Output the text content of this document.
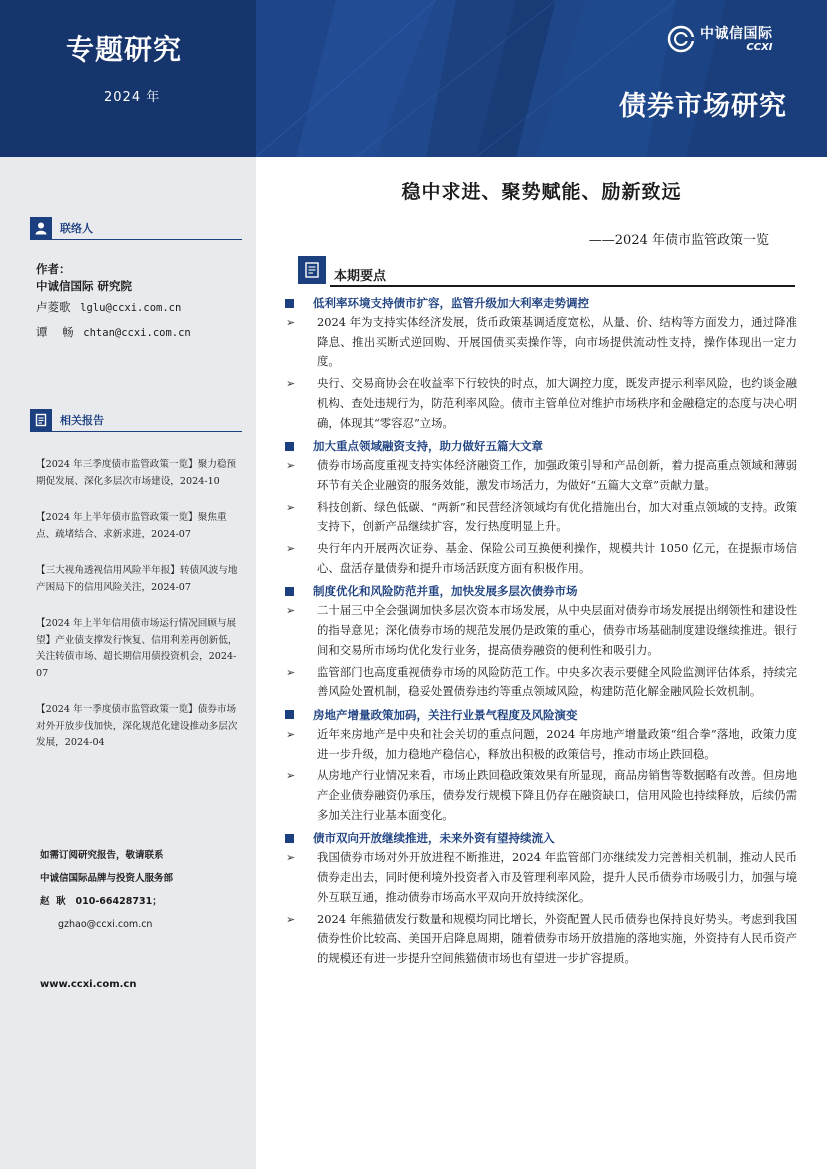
专题研究
2024 年
中诚信国际
CCXI
债券市场研究
联络人
作者：
中诚信国际 研究院
卢菱歌 lglu@ccxi.com.cn
谭    畅 chtan@ccxi.com.cn
相关报告
【2024 年三季度债市监管政策一览】聚力稳预期促发展、深化多层次市场建设，2024-10
【2024 年上半年债市监管政策一览】聚焦重点、疏堵结合、求新求进，2024-07
【三大视角透视信用风险半年报】转债风波与地产困局下的信用风险关注，2024-07
【2024 年上半年信用债市场运行情况回顾与展望】产业债支撑发行恢复、信用利差再创新低，关注转债市场、超长期信用债投资机会，2024-07
【2024 年一季度债市监管政策一览】债券市场对外开放步伐加快，深化规范化建设推动多层次发展，2024-04
如需订阅研究报告，敬请联系
中诚信国际品牌与投资人服务部
赵  耿   010-66428731；
gzhao@ccxi.com.cn
www.ccxi.com.cn
稳中求进、聚势赋能、励新致远
——2024 年债市监管政策一览
本期要点
低利率环境支持债市扩容，监管升级加大利率走势调控
➢	2024 年为支持实体经济发展，货币政策基调适度宽松，从量、价、结构等方面发力，通过降准降息、推出买断式逆回购、开展国债买卖操作等，向市场提供流动性支持，操作体现出一定力度。
➢	央行、交易商协会在收益率下行较快的时点，加大调控力度，既发声提示利率风险，也约谈金融机构、查处违规行为，防范利率风险。债市主管单位对维护市场秩序和金融稳定的态度与决心明确，体现其“零容忍”立场。
加大重点领域融资支持，助力做好五篇大文章
➢	债券市场高度重视支持实体经济融资工作，加强政策引导和产品创新，着力提高重点领域和薄弱环节有关企业融资的服务效能，激发市场活力，为做好“五篇大文章”贡献力量。
➢	科技创新、绿色低碳、“两新”和民营经济领域均有优化措施出台，加大对重点领域的支持。政策支持下，创新产品继续扩容，发行热度明显上升。
➢	央行年内开展两次证券、基金、保险公司互换便利操作，规模共计 1050 亿元，在提振市场信心、盘活存量债券和提升市场活跃度方面有积极作用。
制度优化和风险防范并重，加快发展多层次债券市场
➢	二十届三中全会强调加快多层次资本市场发展，从中央层面对债券市场发展提出纲领性和建设性的指导意见；深化债券市场的规范发展仍是政策的重心，债券市场基础制度建设继续推进。银行间和交易所市场均优化发行业务，提高债券融资的便利性和吸引力。
➢	监管部门也高度重视债券市场的风险防范工作。中央多次表示要健全风险监测评估体系，持续完善风险处置机制，稳妥处置债券违约等重点领域风险，构建防范化解金融风险长效机制。
房地产增量政策加码，关注行业景气程度及风险演变
➢	近年来房地产是中央和社会关切的重点问题，2024 年房地产增量政策“组合拳”落地，政策力度进一步升级，加力稳地产稳信心，释放出积极的政策信号，推动市场止跌回稳。
➢	从房地产行业情况来看，市场止跌回稳政策效果有所显现，商品房销售等数据略有改善。但房地产企业债券融资仍承压，债券发行规模下降且仍存在融资缺口，信用风险也持续释放，后续仍需多加关注行业基本面变化。
债市双向开放继续推进，未来外资有望持续流入
➢	我国债券市场对外开放进程不断推进，2024 年监管部门亦继续发力完善相关机制，推动人民币债券走出去，同时便利境外投资者入市及管理利率风险，提升人民币债券市场吸引力，加强与境外互联互通，推动债券市场高水平双向开放持续深化。
➢	2024 年熊猫债发行数量和规模均同比增长，外资配置人民币债券也保持良好势头。考虑到我国债券性价比较高、美国开启降息周期，随着债券市场开放措施的落地实施，外资持有人民币资产的规模还有进一步提升空间熊猫债市场也有望进一步扩容提质。
